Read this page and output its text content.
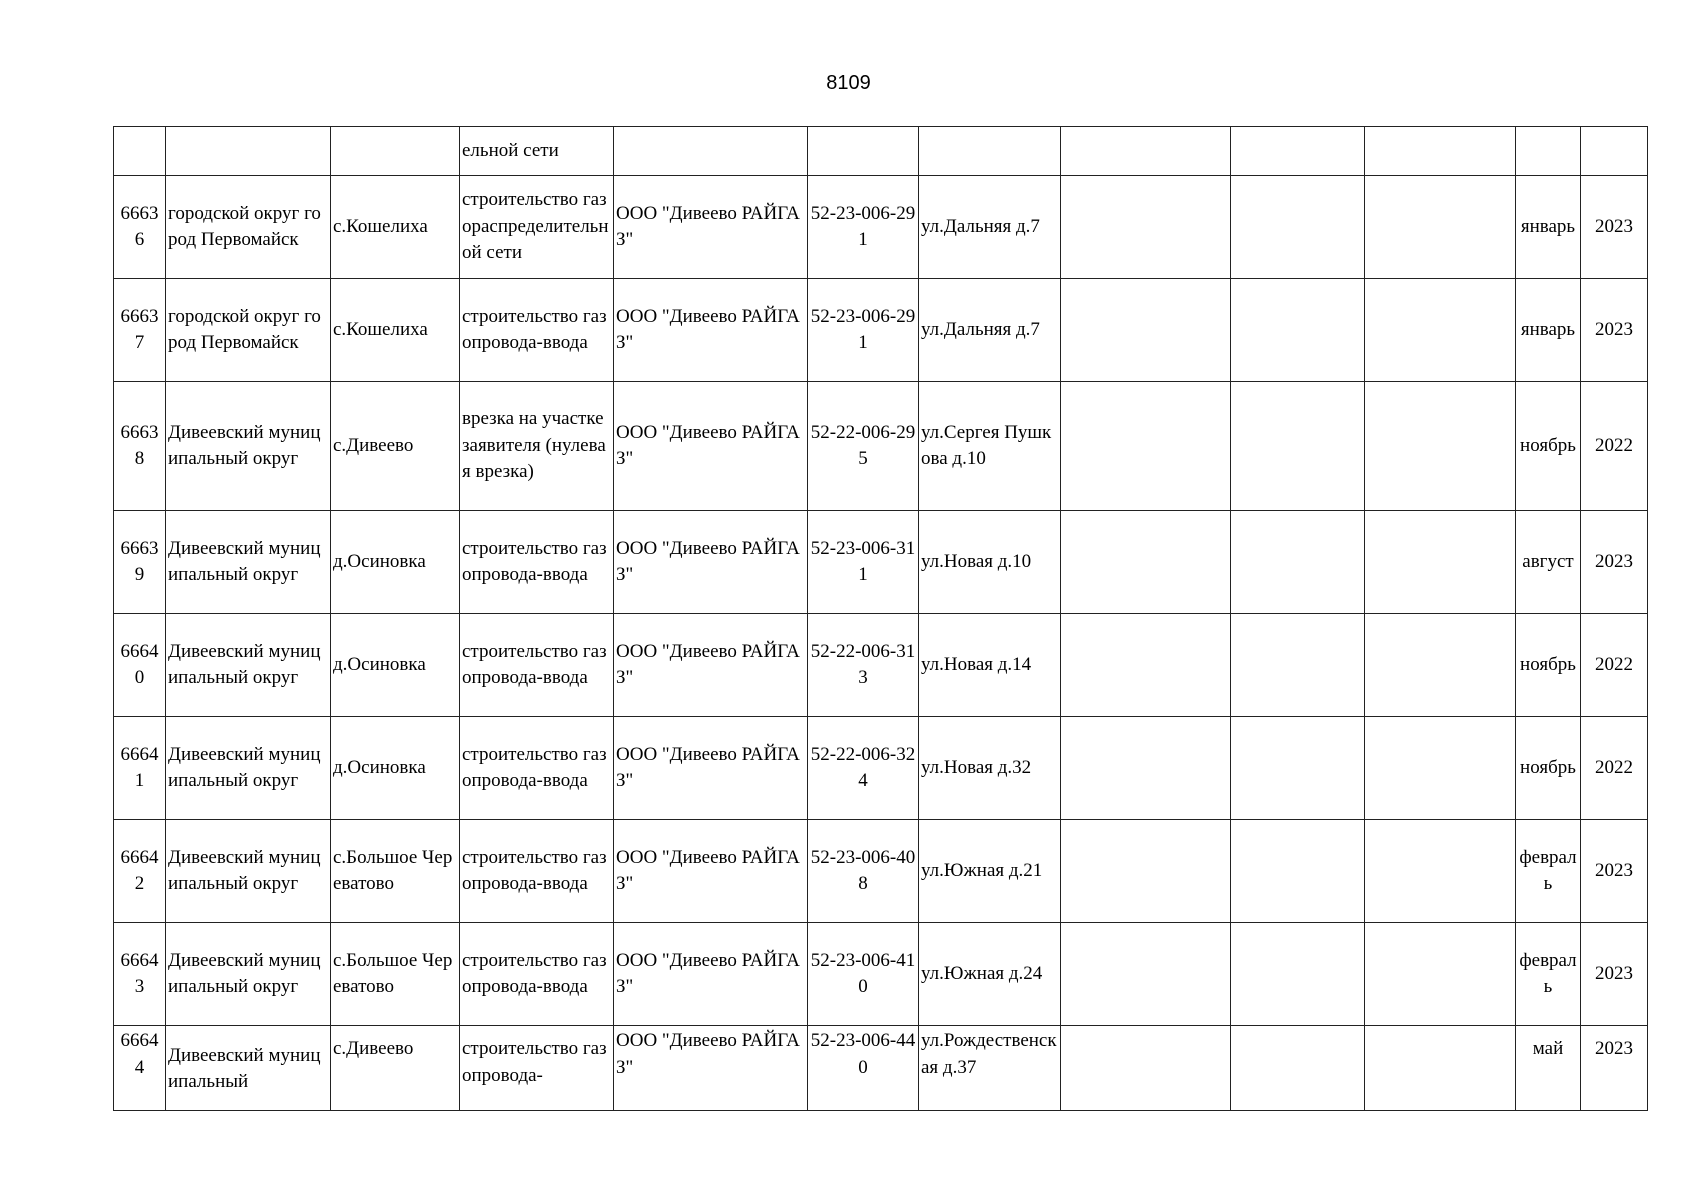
8109
			ельной сети								
66636	городской округ город Первомайск	с.Кошелиха	строительство газораспределительной сети	ООО "Дивеево РАЙГАЗ"	52-23-006-291	ул.Дальняя д.7				январь	2023
66637	городской округ город Первомайск	с.Кошелиха	строительство газопровода-ввода	ООО "Дивеево РАЙГАЗ"	52-23-006-291	ул.Дальняя д.7				январь	2023
66638	Дивеевский муниципальный округ	с.Дивеево	врезка на участке заявителя (нулевая врезка)	ООО "Дивеево РАЙГАЗ"	52-22-006-295	ул.Сергея Пушкова д.10				ноябрь	2022
66639	Дивеевский муниципальный округ	д.Осиновка	строительство газопровода-ввода	ООО "Дивеево РАЙГАЗ"	52-23-006-311	ул.Новая д.10				август	2023
66640	Дивеевский муниципальный округ	д.Осиновка	строительство газопровода-ввода	ООО "Дивеево РАЙГАЗ"	52-22-006-313	ул.Новая д.14				ноябрь	2022
66641	Дивеевский муниципальный округ	д.Осиновка	строительство газопровода-ввода	ООО "Дивеево РАЙГАЗ"	52-22-006-324	ул.Новая д.32				ноябрь	2022
66642	Дивеевский муниципальный округ	с.Большое Череватово	строительство газопровода-ввода	ООО "Дивеево РАЙГАЗ"	52-23-006-408	ул.Южная д.21				февраль	2023
66643	Дивеевский муниципальный округ	с.Большое Череватово	строительство газопровода-ввода	ООО "Дивеево РАЙГАЗ"	52-23-006-410	ул.Южная д.24				февраль	2023
66644	Дивеевский муниципальный	с.Дивеево	строительство газопровода-	ООО "Дивеево РАЙГАЗ"	52-23-006-440	ул.Рождественская д.37				май	2023
